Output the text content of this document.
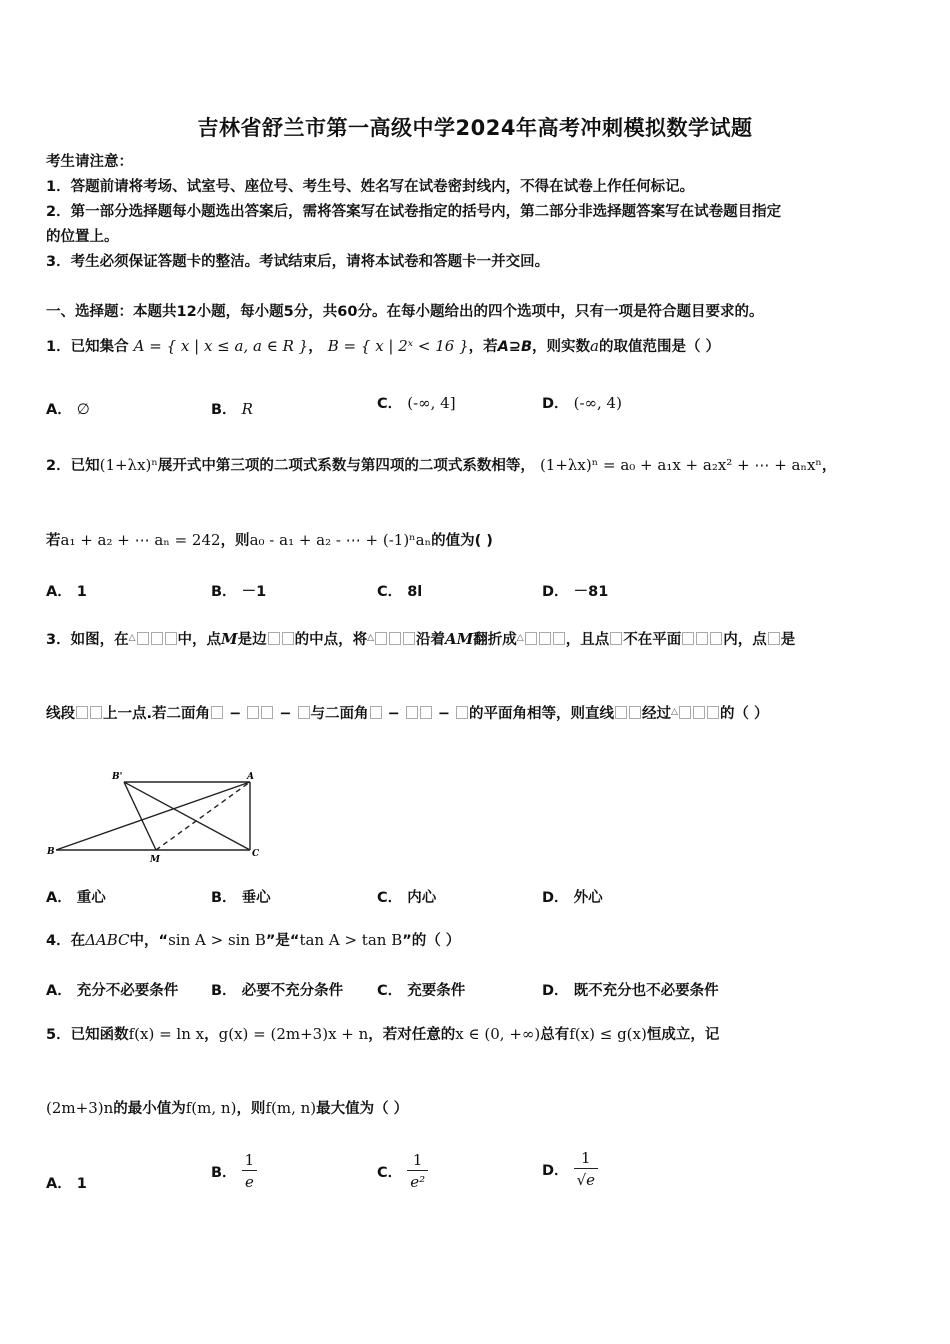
吉林省舒兰市第一高级中学2024年高考冲刺模拟数学试题
考生请注意：
1．答题前请将考场、试室号、座位号、考生号、姓名写在试卷密封线内，不得在试卷上作任何标记。
2．第一部分选择题每小题选出答案后，需将答案写在试卷指定的括号内，第二部分非选择题答案写在试卷题目指定
的位置上。
3．考生必须保证答题卡的整洁。考试结束后，请将本试卷和答题卡一并交回。
一、选择题：本题共12小题，每小题5分，共60分。在每小题给出的四个选项中，只有一项是符合题目要求的。
1．已知集合 A = { x | x ≤ a, a ∈ R }， B = { x | 2ˣ < 16 }，若A⊇B，则实数a的取值范围是（ ）
A． ∅	B． R	C． (-∞, 4]	D． (-∞, 4)
2．已知(1+λx)ⁿ展开式中第三项的二项式系数与第四项的二项式系数相等， (1+λx)ⁿ = a₀ + a₁x + a₂x² + ⋯ + aₙxⁿ，
若a₁ + a₂ + ⋯ aₙ = 242，则a₀ - a₁ + a₂ - ⋯ + (-1)ⁿaₙ的值为( )
A． 1	B． －1	C． 8l	D． －81
3．如图，在△	中，点M是边 的中点，将△	沿着AM翻折成△	，且点 不在平面	内，点 是
线段 上一点.若二面角 −  − 与二面角 −  − 的平面角相等，则直线 经过△	的（ ）
B'	A
B
M
C
A． 重心	B． 垂心	C． 内心	D． 外心
4．在ΔABC中，“sin A > sin B”是“tan A > tan B”的（ ）
A． 充分不必要条件 B． 必要不充分条件 C． 充要条件	D． 既不充分也不必要条件
5．已知函数f(x) = ln x，g(x) = (2m+3)x + n，若对任意的x ∈ (0, +∞)总有f(x) ≤ g(x)恒成立，记
(2m+3)n的最小值为f(m, n)，则f(m, n)最大值为（ ）
A． 1
B． $\frac{1}{e}$	C． $\frac{1}{\text{e²}}$	D． $\frac{1}{√e}$
